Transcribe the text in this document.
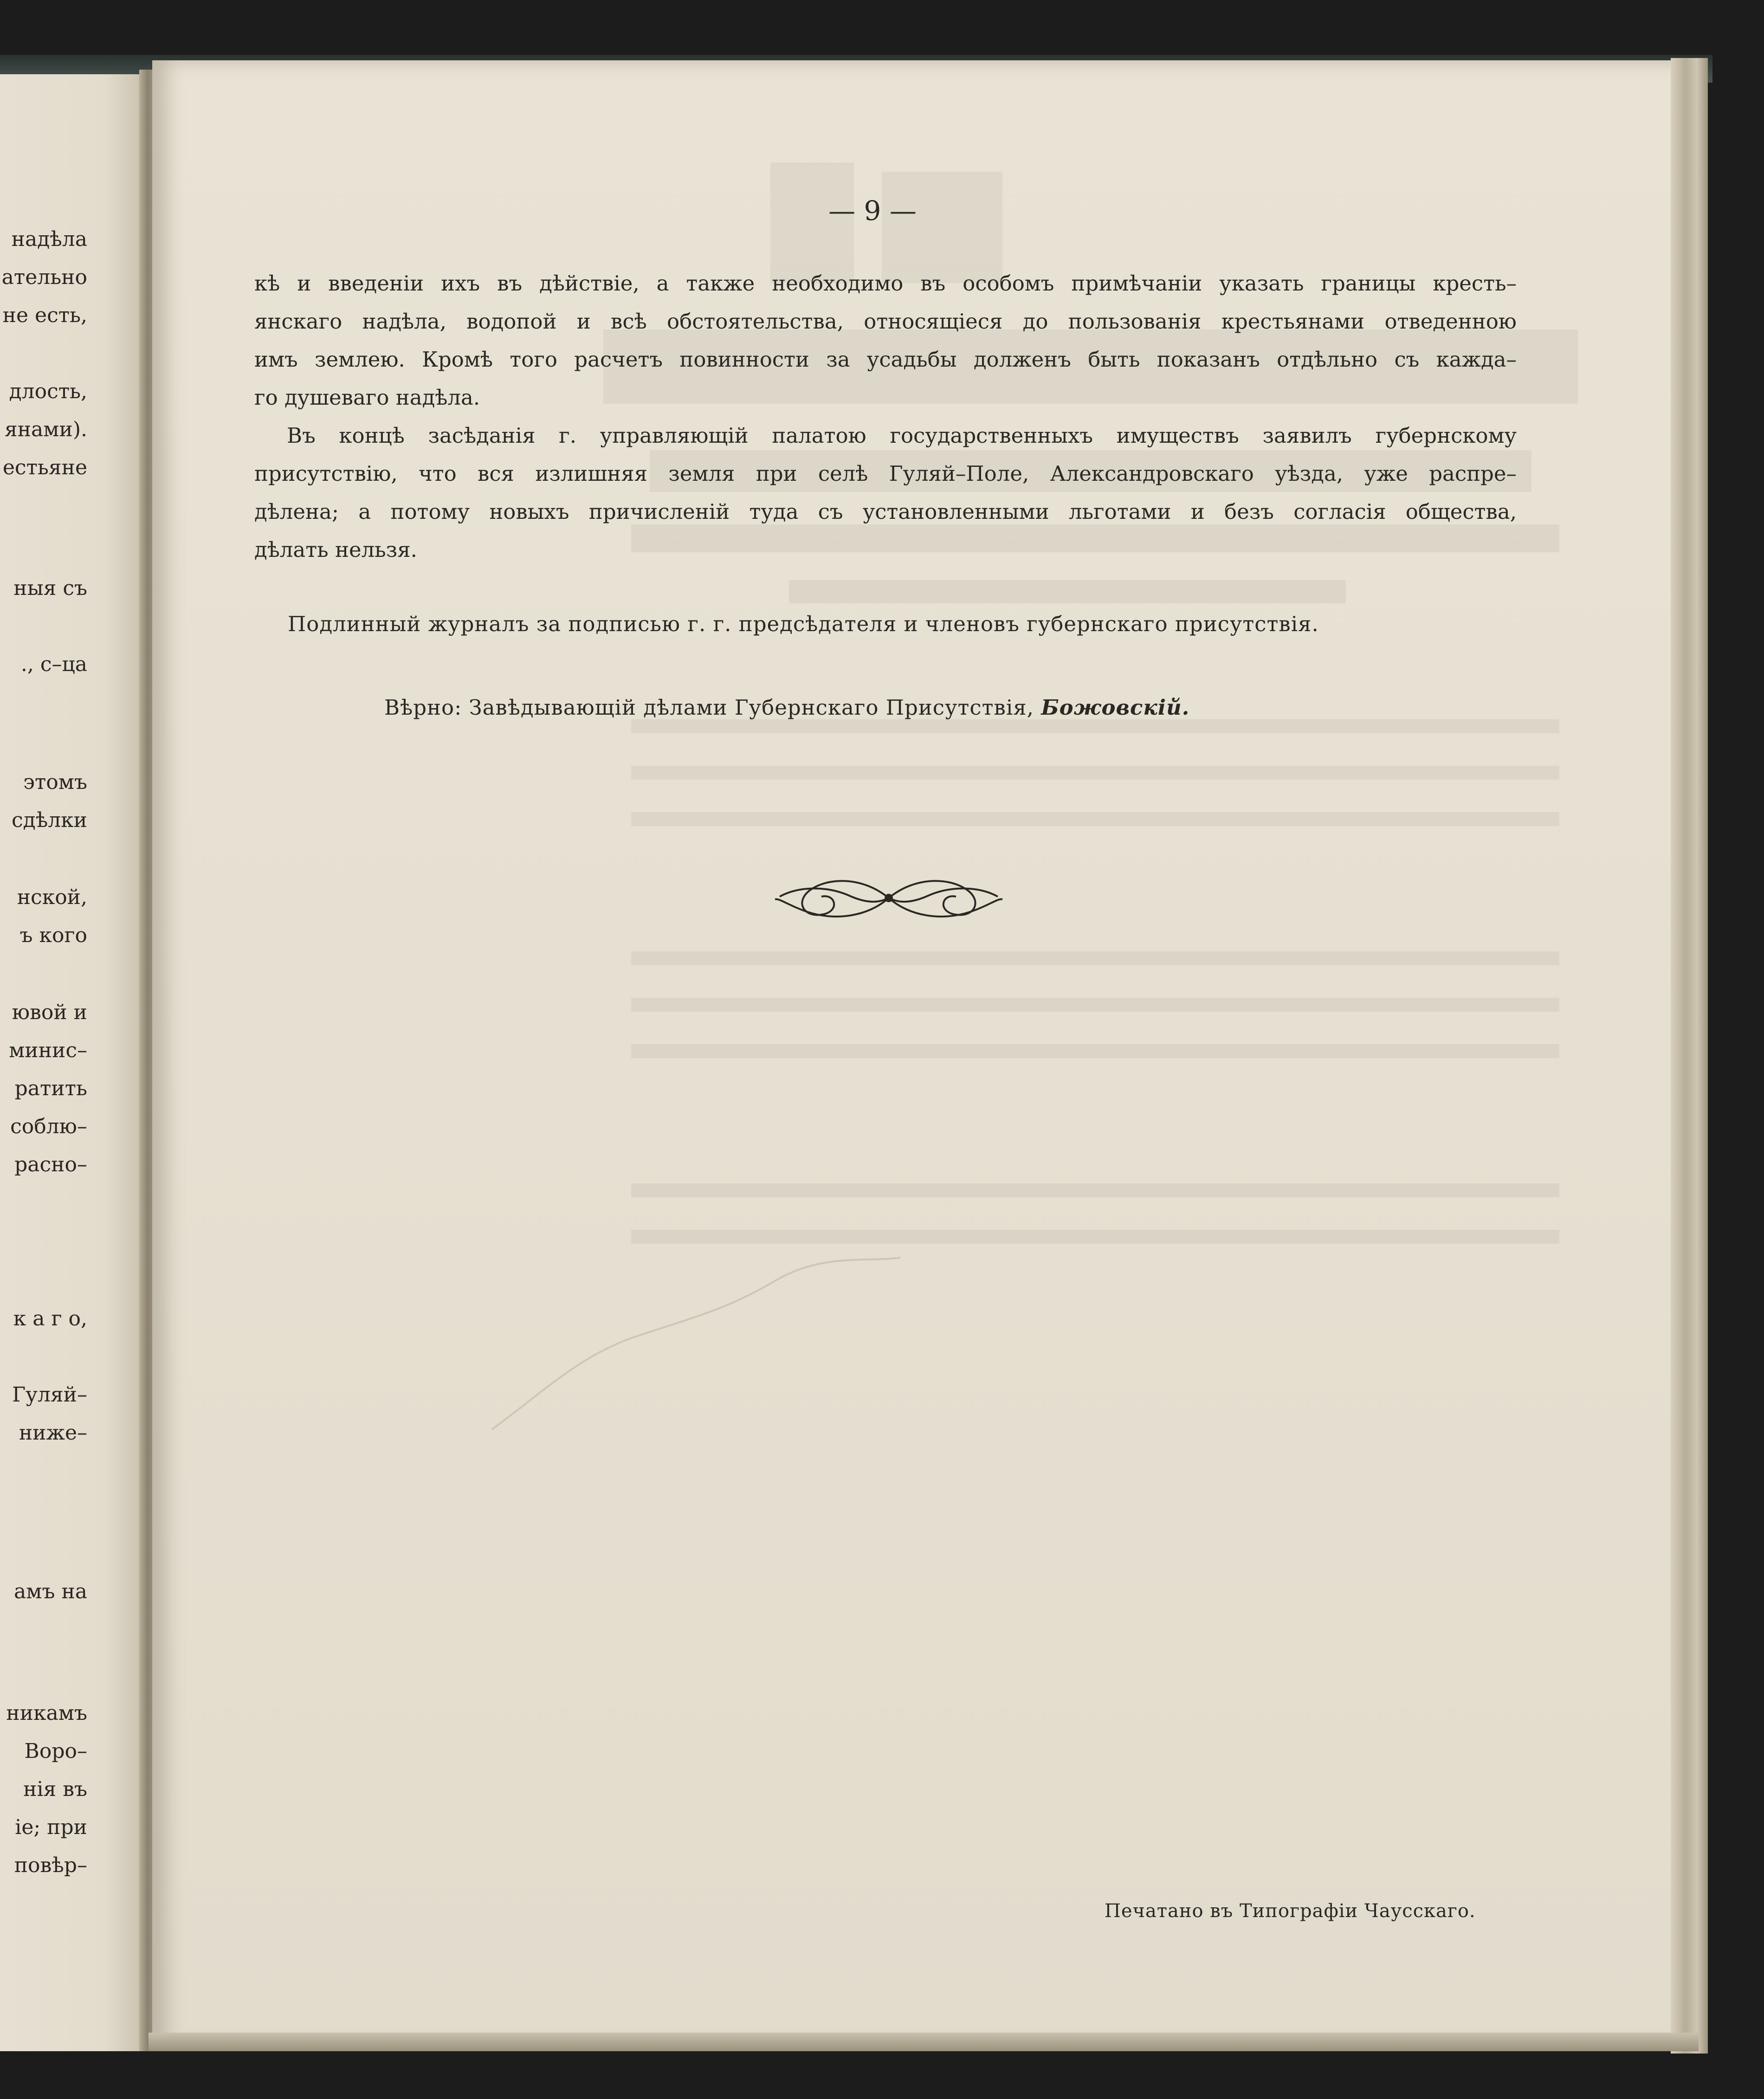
надѣла
ательно
не есть,
длость,
янами).
естьяне
ныя съ
., с–ца
этомъ
сдѣлки
нской,
ъ кого
ювой и
минис–
ратить
соблю–
расно–
к а г о,
Гуляй–
ниже–
амъ на
никамъ
Воро–
нія въ
іе; при
повѣр–
— 9 —
кѣ и введеніи ихъ въ дѣйствіе, а также необходимо въ особомъ примѣчаніи указать границы кресть–
янскаго надѣла, водопой и всѣ обстоятельства, относящіеся до пользованія крестьянами отведенною
имъ землею. Кромѣ того расчетъ повинности за усадьбы долженъ быть показанъ отдѣльно съ кажда–
го душеваго надѣла.
Въ концѣ засѣданія г. управляющій палатою государственныхъ имуществъ заявилъ губернскому
присутствію, что вся излишняя земля при селѣ Гуляй–Поле, Александровскаго уѣзда, уже распре–
дѣлена; а потому новыхъ причисленій туда съ установленными льготами и безъ согласія общества,
дѣлать нельзя.
Подлинный журналъ за подписью г. г. предсѣдателя и членовъ губернскаго присутствія.
Вѣрно: Завѣдывающій дѣлами Губернскаго Присутствія, Божовскій.
Печатано въ Типографіи Чаусскаго.
